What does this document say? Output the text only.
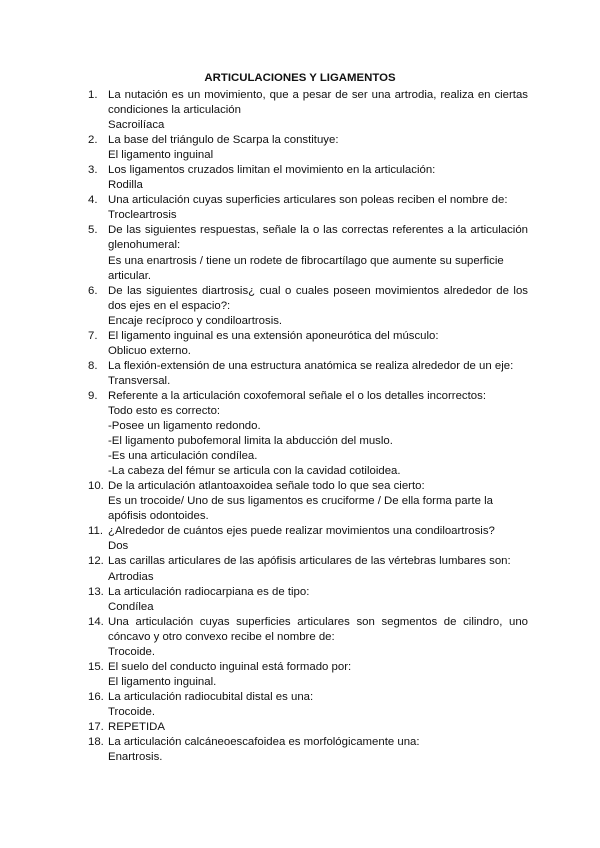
ARTICULACIONES Y LIGAMENTOS
1. La nutación es un movimiento, que a pesar de ser una artrodia, realiza en ciertas condiciones la articulación
Sacroilíaca
2. La base del triángulo de Scarpa la constituye:
El ligamento inguinal
3. Los ligamentos cruzados limitan el movimiento en la articulación:
Rodilla
4. Una articulación cuyas superficies articulares son poleas reciben el nombre de:
Trocleartrosis
5. De las siguientes respuestas, señale la o las correctas referentes a la articulación glenohumeral:
Es una enartrosis / tiene un rodete de fibrocartílago que aumente su superficie articular.
6. De las siguientes diartrosis¿ cual o cuales poseen movimientos alrededor de los dos ejes en el espacio?:
Encaje recíproco y condiloartrosis.
7. El ligamento inguinal es una extensión aponeurótica del músculo:
Oblicuo externo.
8. La flexión-extensión de una estructura anatómica se realiza alrededor de un eje:
Transversal.
9. Referente a la articulación coxofemoral señale el o los detalles incorrectos:
Todo esto es correcto:
-Posee un ligamento redondo.
-El ligamento pubofemoral limita la abducción del muslo.
-Es una articulación condílea.
-La cabeza del fémur se articula con la cavidad cotiloidea.
10. De la articulación atlantoaxoidea señale todo lo que sea cierto:
Es un trocoide/ Uno de sus ligamentos es cruciforme / De ella forma parte la apófisis odontoides.
11. ¿Alrededor de cuántos ejes puede realizar movimientos una condiloartrosis?
Dos
12. Las carillas articulares de las apófisis articulares de las vértebras lumbares son:
Artrodias
13. La articulación radiocarpiana es de tipo:
Condílea
14. Una articulación cuyas superficies articulares son segmentos de cilindro, uno cóncavo y otro convexo recibe el nombre de:
Trocoide.
15. El suelo del conducto inguinal está formado por:
El ligamento inguinal.
16. La articulación radiocubital distal es una:
Trocoide.
17. REPETIDA
18. La articulación calcáneoescafoidea es morfológicamente una:
Enartrosis.
